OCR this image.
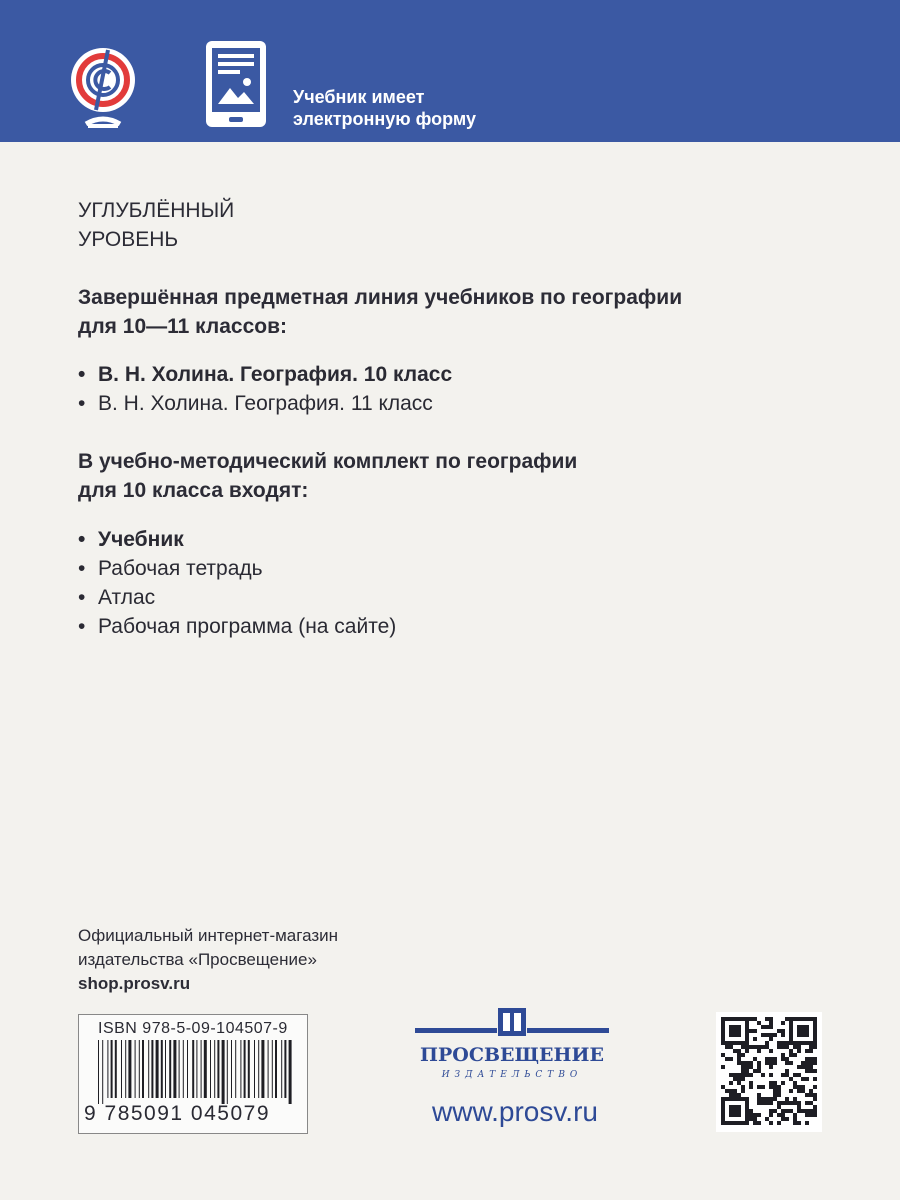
Учебник имеет
электронную форму
УГЛУБЛЁННЫЙ
УРОВЕНЬ
Завершённая предметная линия учебников по географии
для 10—11 классов:
• В. Н. Холина. География. 10 класс
• В. Н. Холина. География. 11 класс
В учебно-методический комплект по географии
для 10 класса входят:
• Учебник
• Рабочая тетрадь
• Атлас
• Рабочая программа (на сайте)
Официальный интернет-магазин
издательства «Просвещение»
shop.prosv.ru
ISBN 978-5-09-104507-9
9 785091 045079
ПРОСВЕЩЕНИЕ
ИЗДАТЕЛЬСТВО
www.prosv.ru
